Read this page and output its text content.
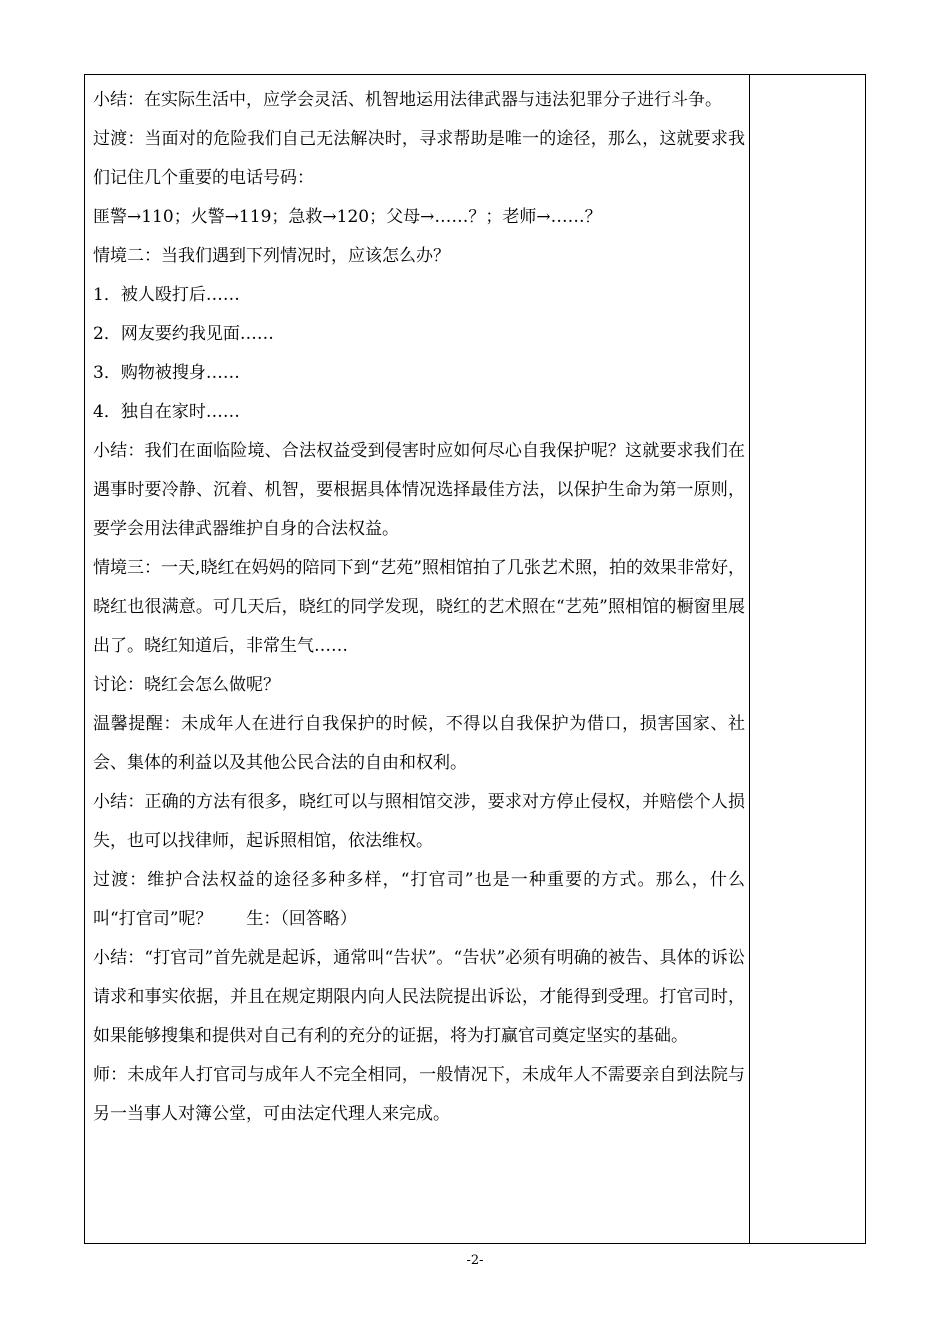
小结：在实际生活中，应学会灵活、机智地运用法律武器与违法犯罪分子进行斗争。

过渡：当面对的危险我们自己无法解决时，寻求帮助是唯一的途径，那么，这就要求我们记住几个重要的电话号码：

匪警→110；火警→119；急救→120；父母→……？；老师→……？

情境二：当我们遇到下列情况时，应该怎么办？

1．被人殴打后……

2．网友要约我见面……

3．购物被搜身……

4．独自在家时……

小结：我们在面临险境、合法权益受到侵害时应如何尽心自我保护呢？这就要求我们在遇事时要冷静、沉着、机智，要根据具体情况选择最佳方法，以保护生命为第一原则，要学会用法律武器维护自身的合法权益。

情境三：一天,晓红在妈妈的陪同下到“艺苑”照相馆拍了几张艺术照，拍的效果非常好，晓红也很满意。可几天后，晓红的同学发现，晓红的艺术照在“艺苑”照相馆的橱窗里展出了。晓红知道后，非常生气……

讨论：晓红会怎么做呢？

温馨提醒：未成年人在进行自我保护的时候，不得以自我保护为借口，损害国家、社会、集体的利益以及其他公民合法的自由和权利。

小结：正确的方法有很多，晓红可以与照相馆交涉，要求对方停止侵权，并赔偿个人损失，也可以找律师，起诉照相馆，依法维权。

过渡：维护合法权益的途径多种多样，“打官司”也是一种重要的方式。那么，什么叫“打官司”呢？　　生：（回答略）

小结：“打官司”首先就是起诉，通常叫“告状”。“告状”必须有明确的被告、具体的诉讼请求和事实依据，并且在规定期限内向人民法院提出诉讼，才能得到受理。打官司时，如果能够搜集和提供对自己有利的充分的证据，将为打赢官司奠定坚实的基础。

师：未成年人打官司与成年人不完全相同，一般情况下，未成年人不需要亲自到法院与另一当事人对簿公堂，可由法定代理人来完成。

-2-
